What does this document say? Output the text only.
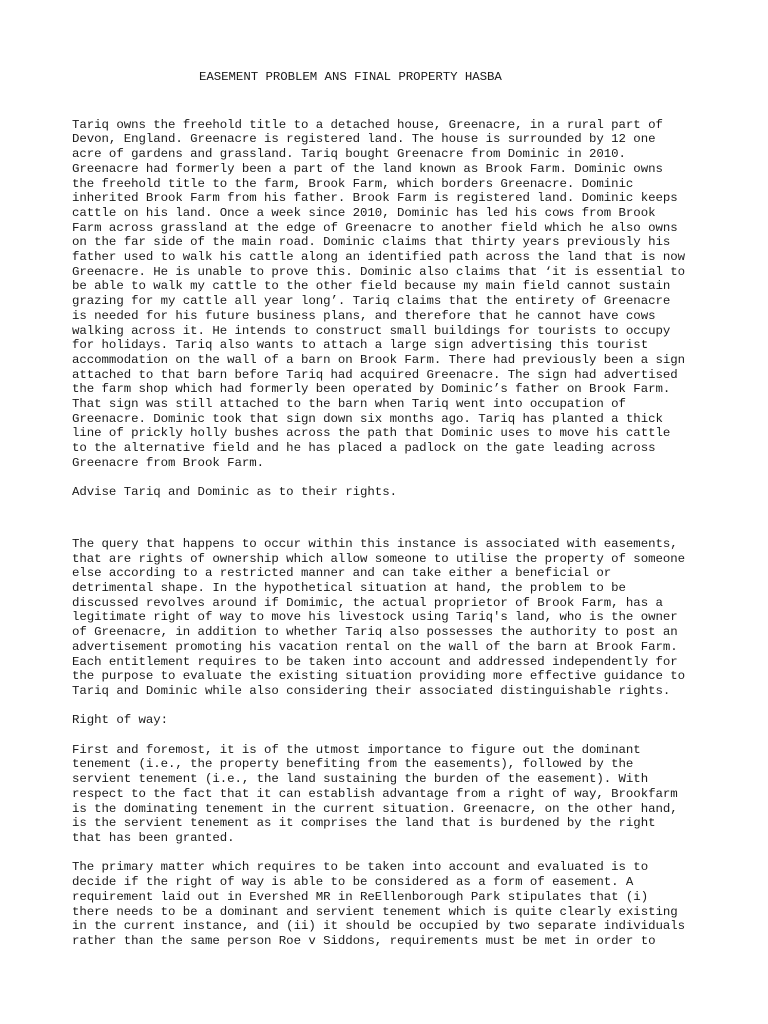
EASEMENT PROBLEM ANS FINAL PROPERTY HASBA

Tariq owns the freehold title to a detached house, Greenacre, in a rural part of
Devon, England. Greenacre is registered land. The house is surrounded by 12 one
acre of gardens and grassland. Tariq bought Greenacre from Dominic in 2010.
Greenacre had formerly been a part of the land known as Brook Farm. Dominic owns
the freehold title to the farm, Brook Farm, which borders Greenacre. Dominic
inherited Brook Farm from his father. Brook Farm is registered land. Dominic keeps
cattle on his land. Once a week since 2010, Dominic has led his cows from Brook
Farm across grassland at the edge of Greenacre to another field which he also owns
on the far side of the main road. Dominic claims that thirty years previously his
father used to walk his cattle along an identified path across the land that is now
Greenacre. He is unable to prove this. Dominic also claims that ‘it is essential to
be able to walk my cattle to the other field because my main field cannot sustain
grazing for my cattle all year long’. Tariq claims that the entirety of Greenacre
is needed for his future business plans, and therefore that he cannot have cows
walking across it. He intends to construct small buildings for tourists to occupy
for holidays. Tariq also wants to attach a large sign advertising this tourist
accommodation on the wall of a barn on Brook Farm. There had previously been a sign
attached to that barn before Tariq had acquired Greenacre. The sign had advertised
the farm shop which had formerly been operated by Dominic’s father on Brook Farm.
That sign was still attached to the barn when Tariq went into occupation of
Greenacre. Dominic took that sign down six months ago. Tariq has planted a thick
line of prickly holly bushes across the path that Dominic uses to move his cattle
to the alternative field and he has placed a padlock on the gate leading across
Greenacre from Brook Farm.

Advise Tariq and Dominic as to their rights.

The query that happens to occur within this instance is associated with easements,
that are rights of ownership which allow someone to utilise the property of someone
else according to a restricted manner and can take either a beneficial or
detrimental shape. In the hypothetical situation at hand, the problem to be
discussed revolves around if Domimic, the actual proprietor of Brook Farm, has a
legitimate right of way to move his livestock using Tariq's land, who is the owner
of Greenacre, in addition to whether Tariq also possesses the authority to post an
advertisement promoting his vacation rental on the wall of the barn at Brook Farm.
Each entitlement requires to be taken into account and addressed independently for
the purpose to evaluate the existing situation providing more effective guidance to
Tariq and Dominic while also considering their associated distinguishable rights.

Right of way:

First and foremost, it is of the utmost importance to figure out the dominant
tenement (i.e., the property benefiting from the easements), followed by the
servient tenement (i.e., the land sustaining the burden of the easement). With
respect to the fact that it can establish advantage from a right of way, Brookfarm
is the dominating tenement in the current situation. Greenacre, on the other hand,
is the servient tenement as it comprises the land that is burdened by the right
that has been granted.

The primary matter which requires to be taken into account and evaluated is to
decide if the right of way is able to be considered as a form of easement. A
requirement laid out in Evershed MR in ReEllenborough Park stipulates that (i)
there needs to be a dominant and servient tenement which is quite clearly existing
in the current instance, and (ii) it should be occupied by two separate individuals
rather than the same person Roe v Siddons, requirements must be met in order to
